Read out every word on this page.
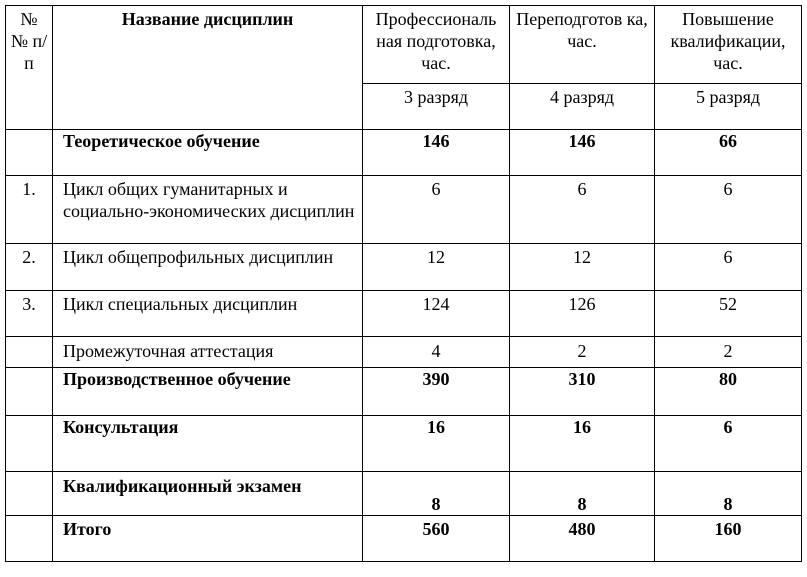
№ № п/п	Название дисциплин	Профессиональ ная подготовка, час.	Переподготов ка, час.	Повышение квалификации, час.
		3 разряд	4 разряд	5 разряд
	Теоретическое обучение	146	146	66
1.	Цикл общих гуманитарных и социально-экономических дисциплин	6	6	6
2.	Цикл общепрофильных дисциплин	12	12	6
3.	Цикл специальных дисциплин	124	126	52
	Промежуточная аттестация	4	2	2
	Производственное обучение	390	310	80
	Консультация	16	16	6
	Квалификационный экзамен	8	8	8
	Итого	560	480	160
